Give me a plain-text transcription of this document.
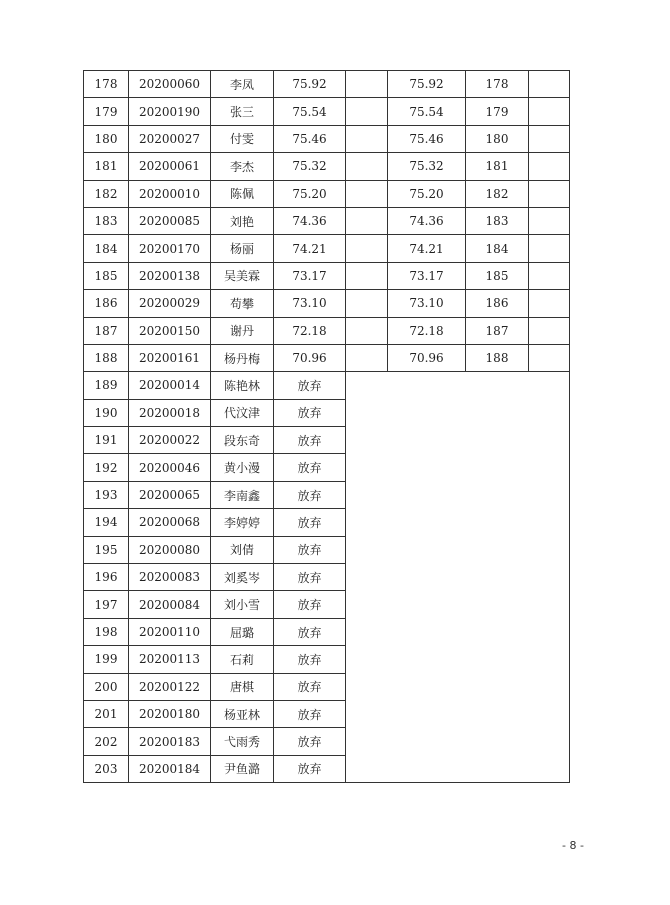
178	20200060	李凤	75.92		75.92	178	
179	20200190	张三	75.54		75.54	179	
180	20200027	付雯	75.46		75.46	180	
181	20200061	李杰	75.32		75.32	181	
182	20200010	陈佩	75.20		75.20	182	
183	20200085	刘艳	74.36		74.36	183	
184	20200170	杨丽	74.21		74.21	184	
185	20200138	吴美霖	73.17		73.17	185	
186	20200029	苟攀	73.10		73.10	186	
187	20200150	谢丹	72.18		72.18	187	
188	20200161	杨丹梅	70.96		70.96	188	
189	20200014	陈艳林	放弃				
190	20200018	代汶津	放弃				
191	20200022	段东奇	放弃				
192	20200046	黄小漫	放弃				
193	20200065	李南鑫	放弃				
194	20200068	李婷婷	放弃				
195	20200080	刘倩	放弃				
196	20200083	刘奚岑	放弃				
197	20200084	刘小雪	放弃				
198	20200110	屈璐	放弃				
199	20200113	石莉	放弃				
200	20200122	唐棋	放弃				
201	20200180	杨亚林	放弃				
202	20200183	弋雨秀	放弃				
203	20200184	尹鱼潞	放弃				
- 8 -
